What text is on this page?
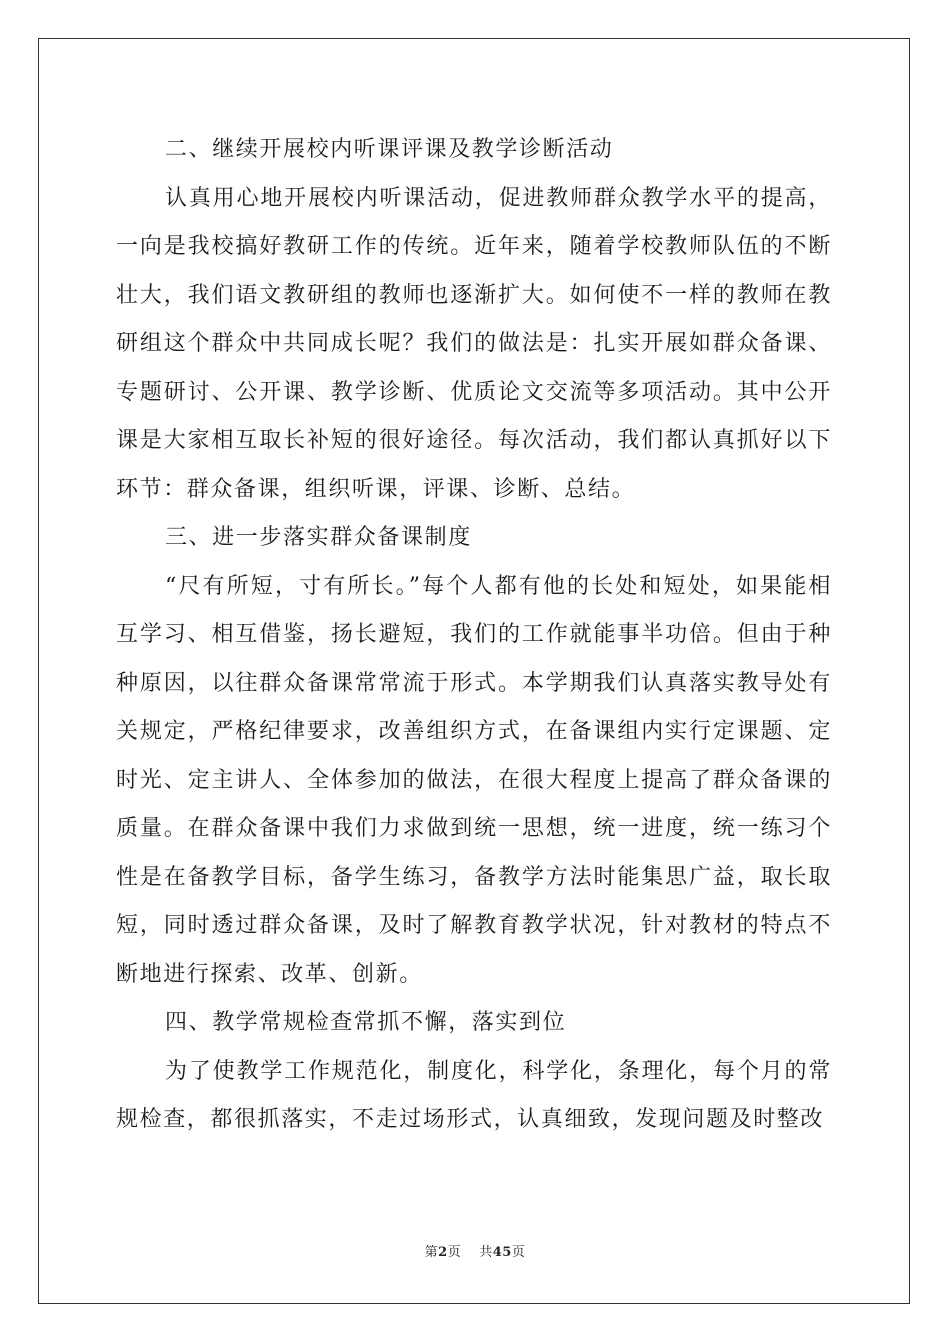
二、继续开展校内听课评课及教学诊断活动

认真用心地开展校内听课活动，促进教师群众教学水平的提高，一向是我校搞好教研工作的传统。近年来，随着学校教师队伍的不断壮大，我们语文教研组的教师也逐渐扩大。如何使不一样的教师在教研组这个群众中共同成长呢？我们的做法是：扎实开展如群众备课、专题研讨、公开课、教学诊断、优质论文交流等多项活动。其中公开课是大家相互取长补短的很好途径。每次活动，我们都认真抓好以下环节：群众备课，组织听课，评课、诊断、总结。

三、进一步落实群众备课制度

“尺有所短，寸有所长。”每个人都有他的长处和短处，如果能相互学习、相互借鉴，扬长避短，我们的工作就能事半功倍。但由于种种原因，以往群众备课常常流于形式。本学期我们认真落实教导处有关规定，严格纪律要求，改善组织方式，在备课组内实行定课题、定时光、定主讲人、全体参加的做法，在很大程度上提高了群众备课的质量。在群众备课中我们力求做到统一思想，统一进度，统一练习个性是在备教学目标，备学生练习，备教学方法时能集思广益，取长取短，同时透过群众备课，及时了解教育教学状况，针对教材的特点不断地进行探索、改革、创新。

四、教学常规检查常抓不懈，落实到位

为了使教学工作规范化，制度化，科学化，条理化，每个月的常规检查，都很抓落实，不走过场形式，认真细致，发现问题及时整改

第2页 共45页
